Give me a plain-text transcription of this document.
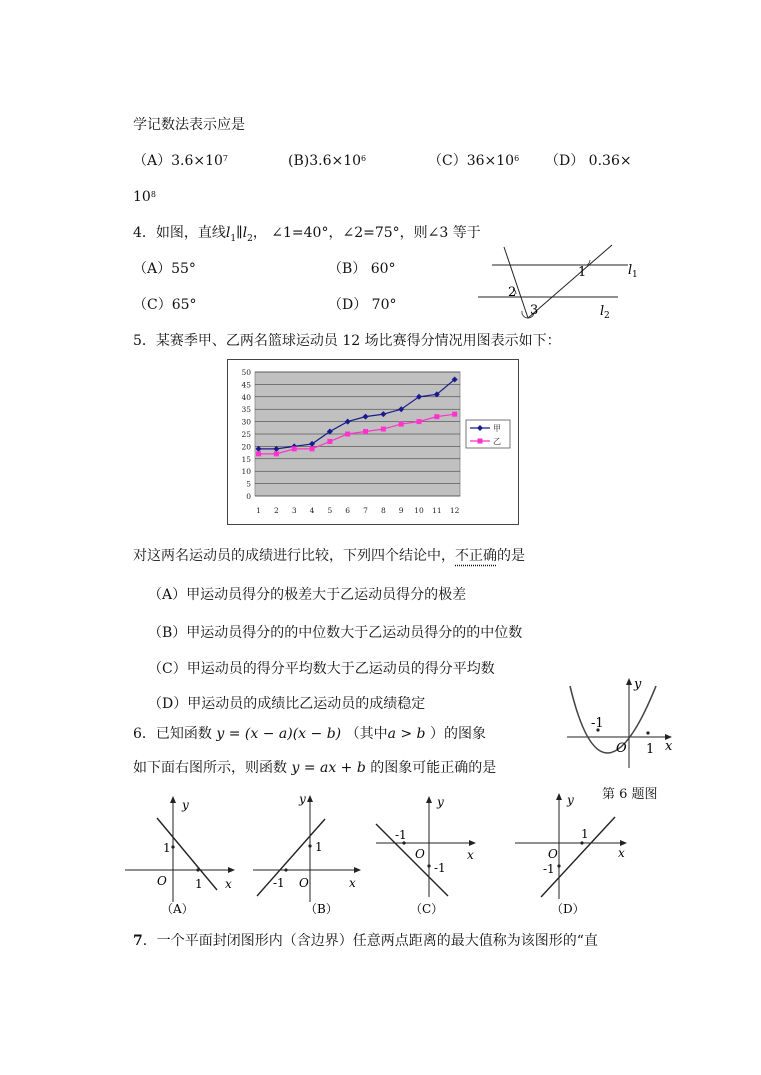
学记数法表示应是
$(A)3.6\times 10^7$	$(B)3.6\times 10^6$	$(C)36\times 10^6$ （D） 0.36×
$10^8$
4．如图，直线$l_1\parallel l_2$， ∠1=40°，∠2=75°，则∠3 等于
（A）55°	（B） 60°
（C）65°	（D） 70°
1
2
3
l 1
l 2
5．某赛季甲、乙两名篮球运动员 12 场比赛得分情况用图表示如下：
0
5
10
15
20
25
30
35
40
45
50
1 2 3 4 5 6 7 8 9 10 11 12
甲
乙
对这两名运动员的成绩进行比较，下列四个结论中，不正确的是
（A）甲运动员得分的极差大于乙运动员得分的极差
（B）甲运动员得分的的中位数大于乙运动员得分的的中位数
（C）甲运动员的得分平均数大于乙运动员的得分平均数
（D）甲运动员的成绩比乙运动员的成绩稳定
6．已知函数 y = (x − a)(x − b) （其中a > b ）的图象
如下面右图所示，则函数 y = ax + b 的图象可能正确的是
-1
O 1 x
y
第 6 题图
y
1
O 1 x
（A）
y
1
-1 O	x
（B）
y
-1
O	x
-1
（C）
y
1
O	x
-1
（D）
7．一个平面封闭图形内（含边界）任意两点距离的最大值称为该图形的“直
